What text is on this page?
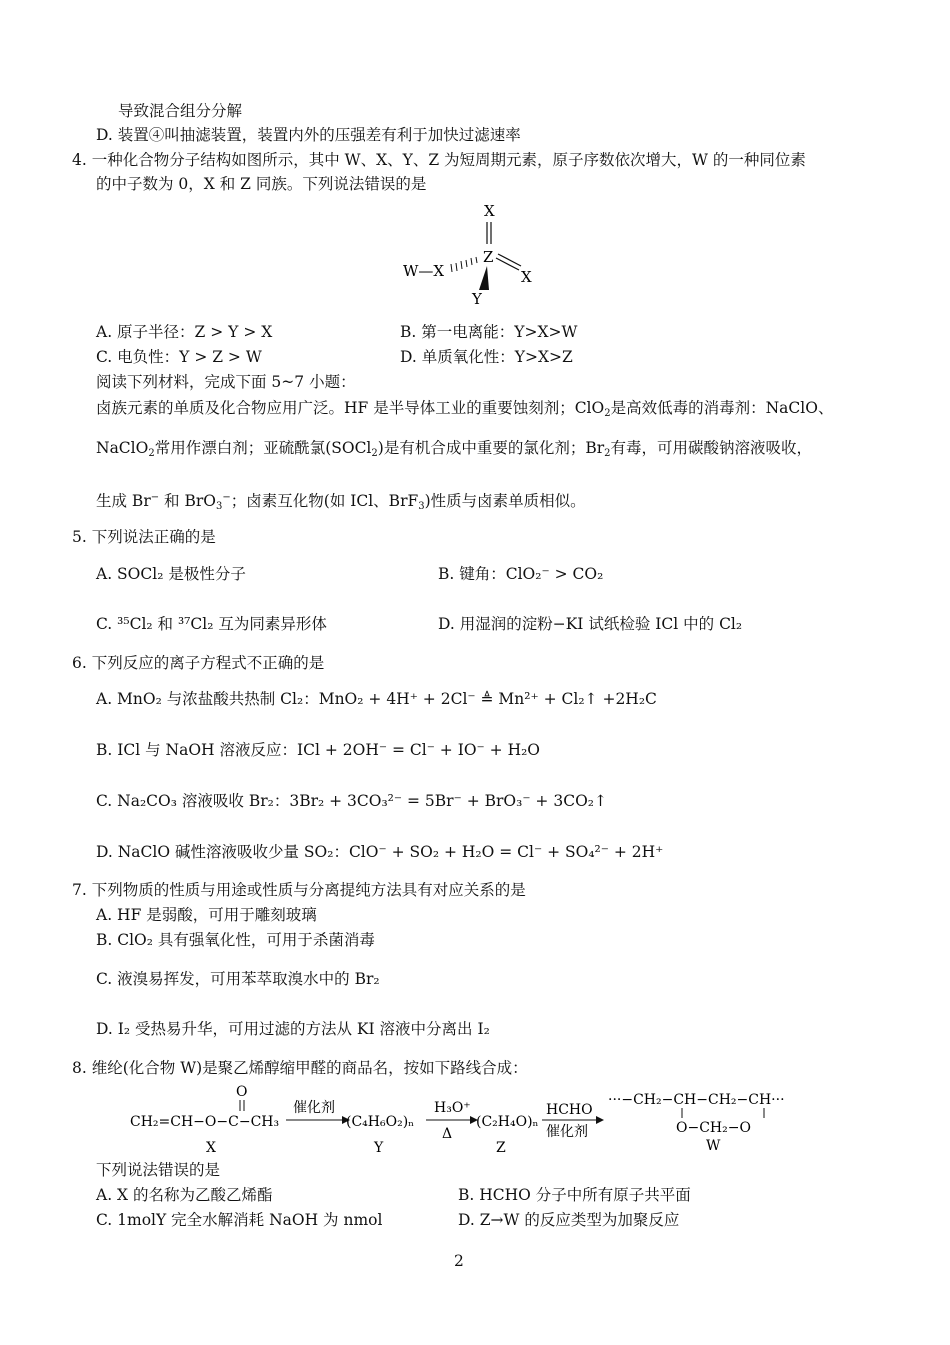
导致混合组分分解
D. 装置④叫抽滤装置，装置内外的压强差有利于加快过滤速率
4. 一种化合物分子结构如图所示，其中 W、X、Y、Z 为短周期元素，原子序数依次增大，W 的一种同位素
的中子数为 0，X 和 Z 同族。下列说法错误的是
X
W—X
Z
X
Y
A. 原子半径：Z > Y > X	B. 第一电离能：Y>X>W
C. 电负性：Y > Z > W	D. 单质氧化性：Y>X>Z
阅读下列材料，完成下面 5~7 小题：
卤族元素的单质及化合物应用广泛。HF 是半导体工业的重要蚀刻剂；ClO$_2$是高效低毒的消毒剂：NaClO、
NaClO$_2$常用作漂白剂；亚硫酰氯(SOCl$_2$)是有机合成中重要的氯化剂；$Br_2$有毒，可用碳酸钠溶液吸收，
生成 Br− 和 BrO$_3$−；卤素互化物(如 ICl、BrF$_3$)性质与卤素单质相似。
5. 下列说法正确的是
A. SOCl₂ 是极性分子	B. 键角：ClO₂⁻ > CO₂
C. ³⁵Cl₂ 和 ³⁷Cl₂ 互为同素异形体	D. 用湿润的淀粉−KI 试纸检验 ICl 中的 Cl₂
6. 下列反应的离子方程式不正确的是
A. MnO₂ 与浓盐酸共热制 Cl₂：MnO₂ + 4H⁺ + 2Cl⁻ ≜ Mn²⁺ + Cl₂↑ +2H₂C
B. ICl 与 NaOH 溶液反应：ICl + 2OH⁻ = Cl⁻ + IO⁻ + H₂O
C. Na₂CO₃ 溶液吸收 Br₂：3Br₂ + 3CO₃²⁻ = 5Br⁻ + BrO₃⁻ + 3CO₂↑
D. NaClO 碱性溶液吸收少量 SO₂：ClO⁻ + SO₂ + H₂O = Cl⁻ + SO₄²⁻ + 2H⁺
7. 下列物质的性质与用途或性质与分离提纯方法具有对应关系的是
A. HF 是弱酸，可用于雕刻玻璃
B. ClO₂ 具有强氧化性，可用于杀菌消毒
C. 液溴易挥发，可用苯萃取溴水中的 Br₂
D. I₂ 受热易升华，可用过滤的方法从 KI 溶液中分离出 I₂
8. 维纶(化合物 W)是聚乙烯醇缩甲醛的商品名，按如下路线合成：
O
CH₂=CH−O−C−CH₃
X
催化剂
(C₄H₆O₂)ₙ
Y
H₃O⁺
Δ
(C₂H₄O)ₙ
Z
HCHO
催化剂
···−CH₂−CH−CH₂−CH···
O−CH₂−O
W
下列说法错误的是
A. X 的名称为乙酸乙烯酯	B. HCHO 分子中所有原子共平面
C. 1molY 完全水解消耗 NaOH 为 nmol	D. Z→W 的反应类型为加聚反应
2
